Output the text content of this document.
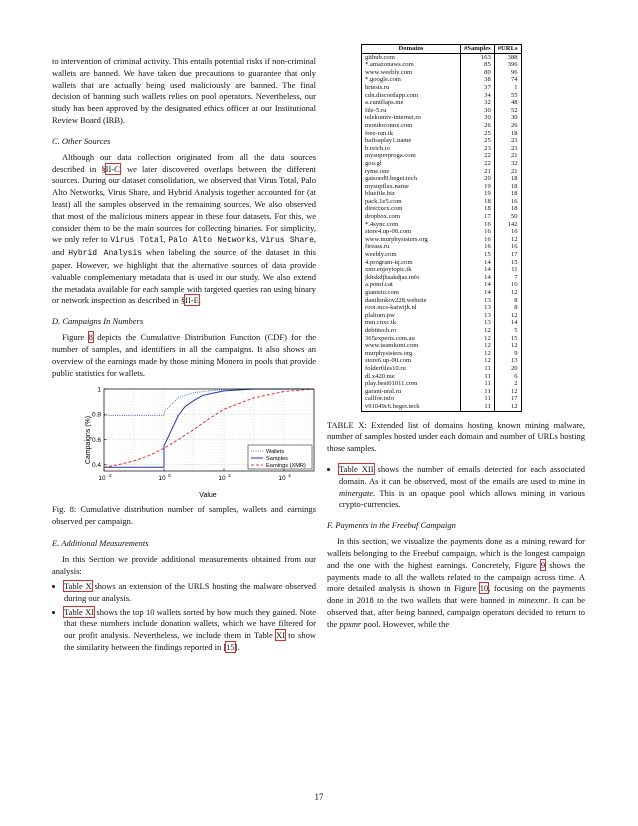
to intervention of criminal activity. This entails potential risks if non-criminal wallets are banned. We have taken due precautions to guarantee that only wallets that are actually being used maliciously are banned. The final decision of banning such wallets relies on pool operators. Nevertheless, our study has been approved by the designated ethics officer at our Institutional Review Board (IRB).

C. Other Sources

Although our data collection originated from all the data sources described in §II-C, we later discovered overlaps between the different sources. During our dataset consolidation, we observed that Virus Total, Palo Alto Networks, Virus Share, and Hybrid Analysis together accounted for (at least) all the samples observed in the remaining sources. We also observed that most of the malicious miners appear in these four datasets. For this, we consider them to be the main sources for collecting binaries. For simplicity, we only refer to Virus Total, Palo Alto Networks, Virus Share, and Hybrid Analysis when labeling the source of the dataset in this paper. However, we highlight that the alternative sources of data provide valuable complementary metadata that is used in our study. We also extend the metadata available for each sample with targeted queries ran using binary or network inspection as described in §II-E.

D. Campaigns In Numbers

Figure 8 depicts the Cumulative Distribution Function (CDF) for the number of samples, and identifiers in all the campaigns. It also shows an overview of the earnings made by those mining Monero in pools that provide public statistics for wallets.

0.4
0.6
0.8
1
10 -2	10 0	10 2	10 4
Wallets
Samples
Earnings (XMR)
Campaigns (%)
Value
Fig. 8: Cumulative distribution number of samples, wallets and earnings observed per campaign.
E. Additional Measurements

In this Section we provide additional measurements obtained from our analysis:

• Table X shows an extension of the URLS hosting the malware observed during our analysis.
• Table XI shows the top 10 wallets sorted by how much they gained. Note that these numbers include donation wallets, which we have filtered for our profit analysis. Nevertheless, we include them in Table XI to show the similarity between the findings reported in [15].
Domains	#Samples	#URLs
github.com	163	388
*.amazonaws.com	85	396
www.weebly.com	80	96
*.google.com	38	74
hrtests.ru	37	1
cdn.discordapp.com	34	55
a.cuntflaps.me	32	48
file-5.ru	30	52
telekomtv-internet.ro	30	30
mondoconnx.com	26	26
free-run.tk	25	18
bafisaplay1.name	25	23
b.reich.io	23	23
mysuperproga.com	22	21
goo.gl	22	32
tyme.one	21	21
gatsoed9.beget.tech	20	18
mysupflax.name	19	18
bluefile.biz	19	18
pack.1e5.com	18	16
directxex.com	18	18
dropbox.com	17	50
*.4sync.com	16	142
store4.up-00.com	16	16
www.murphysisters.org	16	12
fireass.ru	16	16
weebly.com	15	17
4.program-iq.com	14	15
xmr.enjoytopic.tk	14	11
jkhskdjhsakdjas.info	14	7
a.pomf.cat	14	16
giantsto.com	14	12
daniltinkov228.website	13	8
root.mcs-katwijk.nl	13	8
plalium.pw	13	12
mm.cnxc.tk	13	14
debittech.ro	12	5
365experts.com.au	12	15
www.teamlumt.com	12	12
murphysisters.org	12	9
store6.up-00.com	12	13
folderfiles10.ru	11	20
dl.x420.me	11	6
play.best01011.com	11	2
garant-ural.ru	11	12
callfor.info	11	17
v91049c6.beget.tech	11	12
TABLE X: Extended list of domains hosting known mining malware, number of samples hosted under each domain and number of URLs hosting those samples.
• Table XII shows the number of emails detected for each associated domain. As it can be observed, most of the emails are used to mine in minergate. This is an opaque pool which allows mining in various crypto-currencies.
F. Payments in the Freebuf Campaign

In this section, we visualize the payments done as a mining reward for wallets belonging to the Freebuf campaign, which is the longest campaign and the one with the highest earnings. Concretely, Figure 9 shows the payments made to all the wallets related to the campaign across time. A more detailed analysis is shown in Figure 10, focusing on the payments done in 2018 to the two wallets that were banned in minexmr. It can be observed that, after being banned, campaign operators decided to return to the ppxmr pool. However, while the

17
